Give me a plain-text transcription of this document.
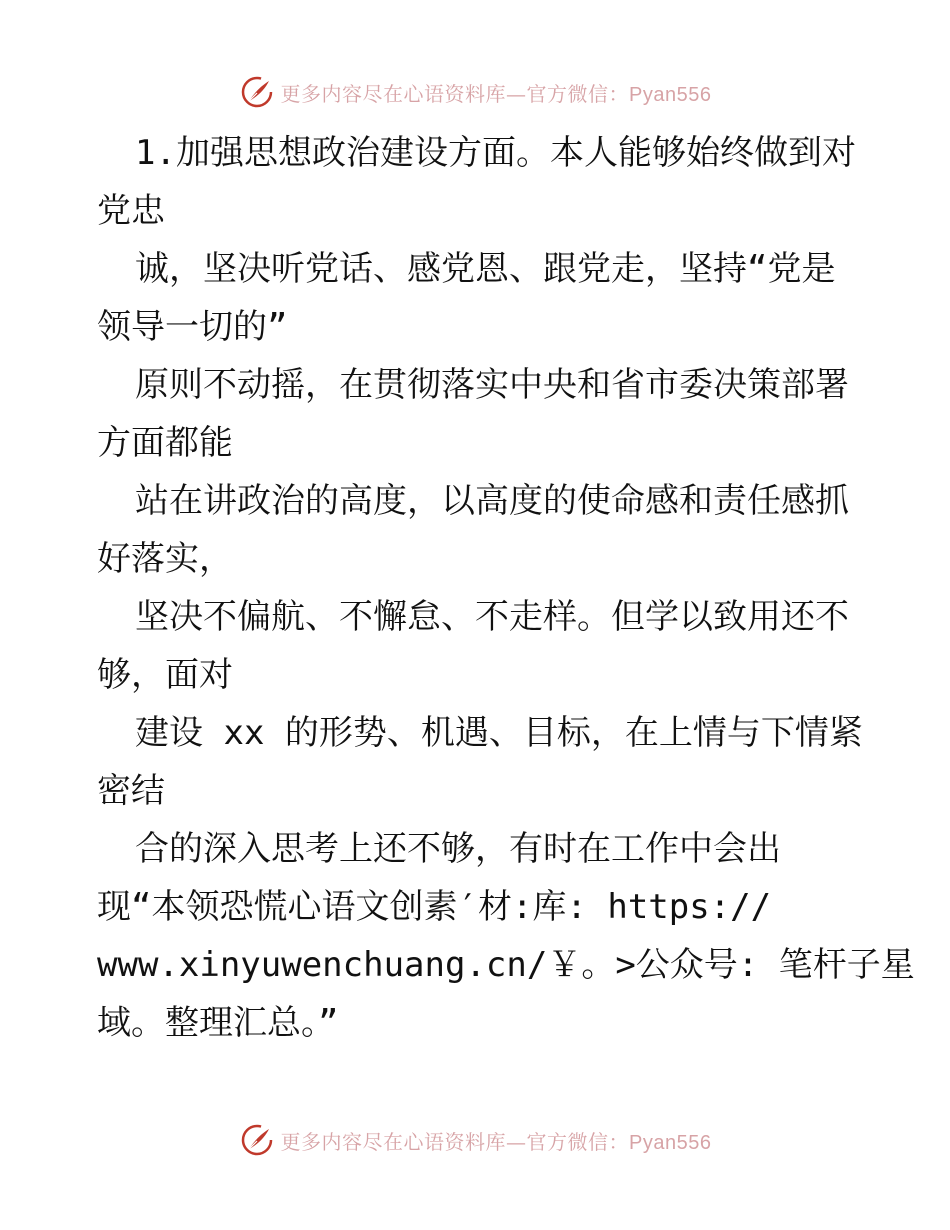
更多内容尽在心语资料库—官方微信：Pyan556
1.加强思想政治建设方面。本人能够始终做到对
党忠
诚，坚决听党话、感党恩、跟党走，坚持“党是
领导一切的”
原则不动摇，在贯彻落实中央和省市委决策部署
方面都能
站在讲政治的高度，以高度的使命感和责任感抓
好落实，
坚决不偏航、不懈怠、不走样。但学以致用还不
够，面对
建设 xx 的形势、机遇、目标，在上情与下情紧
密结
合的深入思考上还不够，有时在工作中会出
现“本领恐慌心语文创素′材:库: https://
www.xinyuwenchuang.cn/￥。>公众号: 笔杆子星
域。整理汇总。”
更多内容尽在心语资料库—官方微信：Pyan556
